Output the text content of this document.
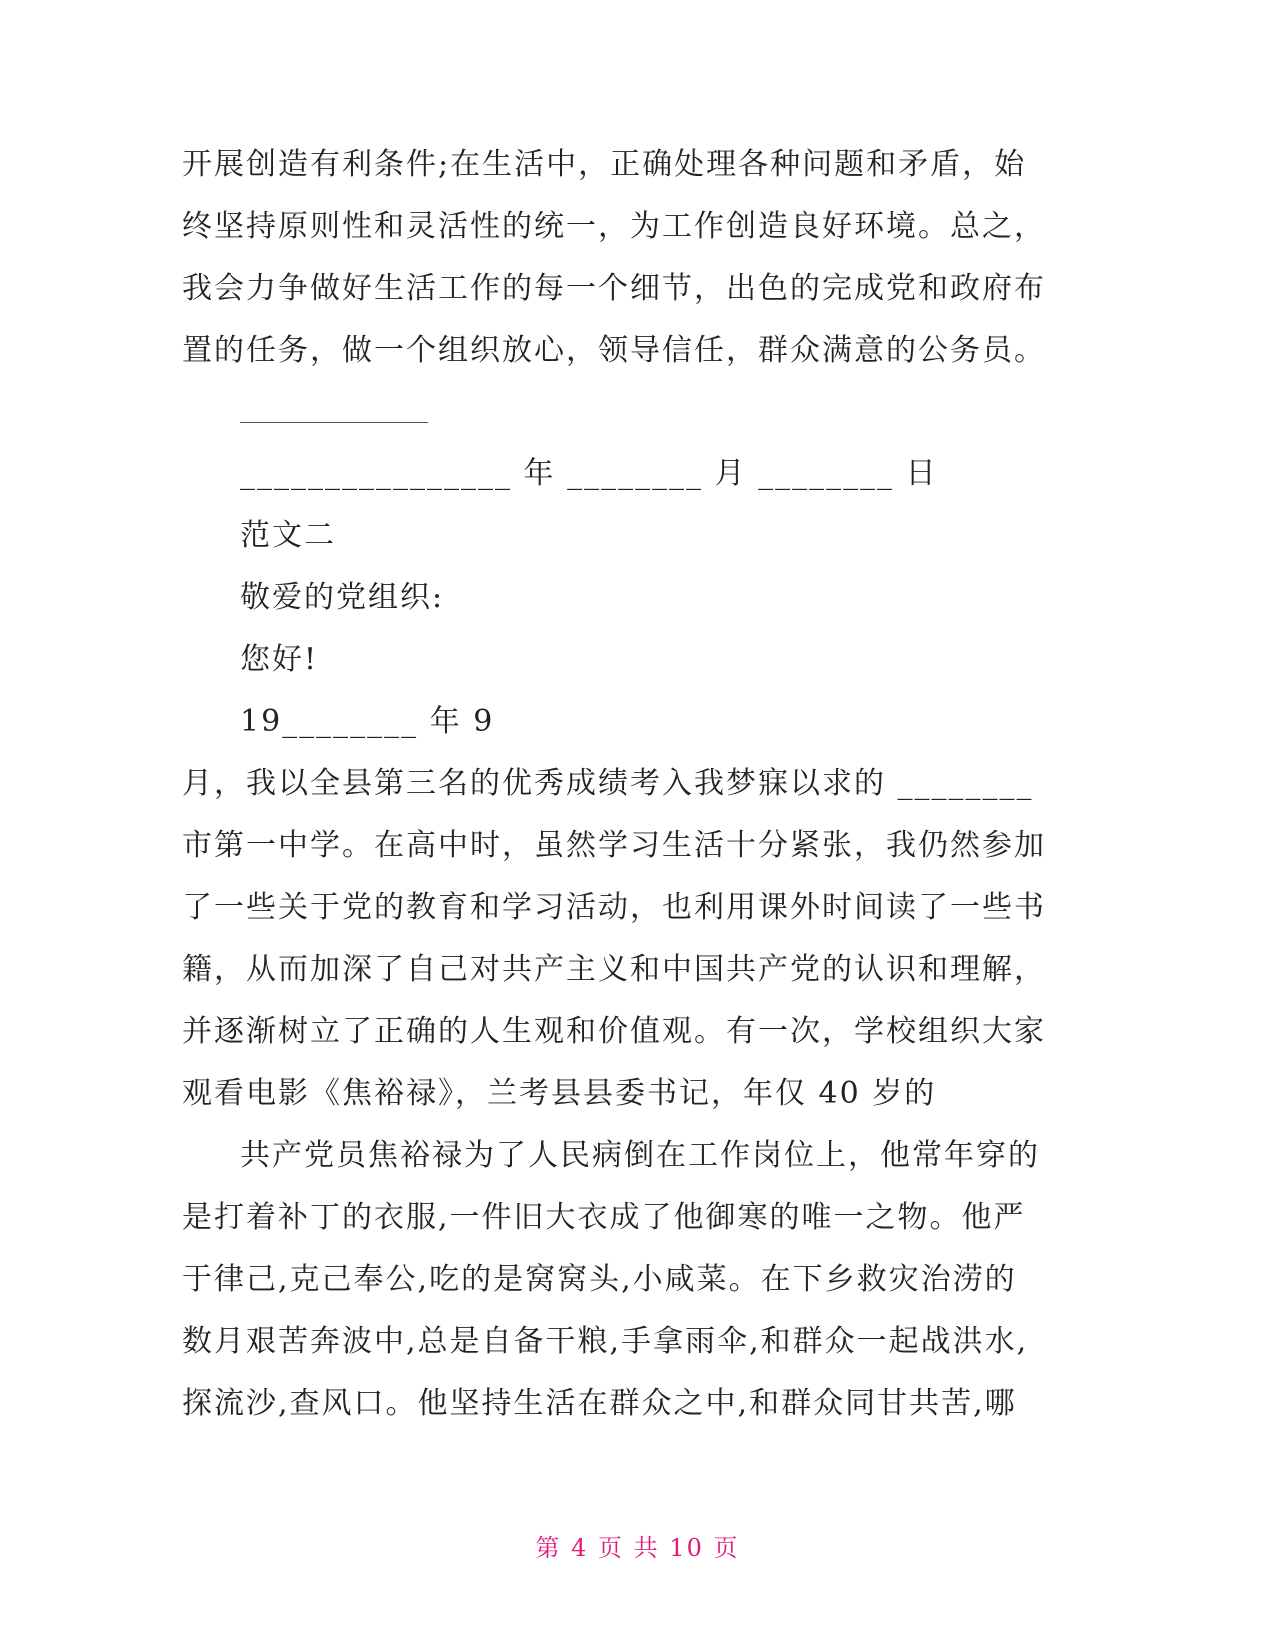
开展创造有利条件;在生活中，正确处理各种问题和矛盾，始
终坚持原则性和灵活性的统一，为工作创造良好环境。总之，
我会力争做好生活工作的每一个细节，出色的完成党和政府布
置的任务，做一个组织放心，领导信任，群众满意的公务员。
________________ 年 ________ 月 ________ 日
范文二
敬爱的党组织:
您好!
19________ 年 9
月，我以全县第三名的优秀成绩考入我梦寐以求的 ________
市第一中学。在高中时，虽然学习生活十分紧张，我仍然参加
了一些关于党的教育和学习活动，也利用课外时间读了一些书
籍，从而加深了自己对共产主义和中国共产党的认识和理解，
并逐渐树立了正确的人生观和价值观。有一次，学校组织大家
观看电影《焦裕禄》，兰考县县委书记，年仅 40 岁的
共产党员焦裕禄为了人民病倒在工作岗位上，他常年穿的
是打着补丁的衣服,一件旧大衣成了他御寒的唯一之物。他严
于律己,克己奉公,吃的是窝窝头,小咸菜。在下乡救灾治涝的
数月艰苦奔波中,总是自备干粮,手拿雨伞,和群众一起战洪水,
探流沙,查风口。他坚持生活在群众之中,和群众同甘共苦,哪
第 4 页 共 10 页
